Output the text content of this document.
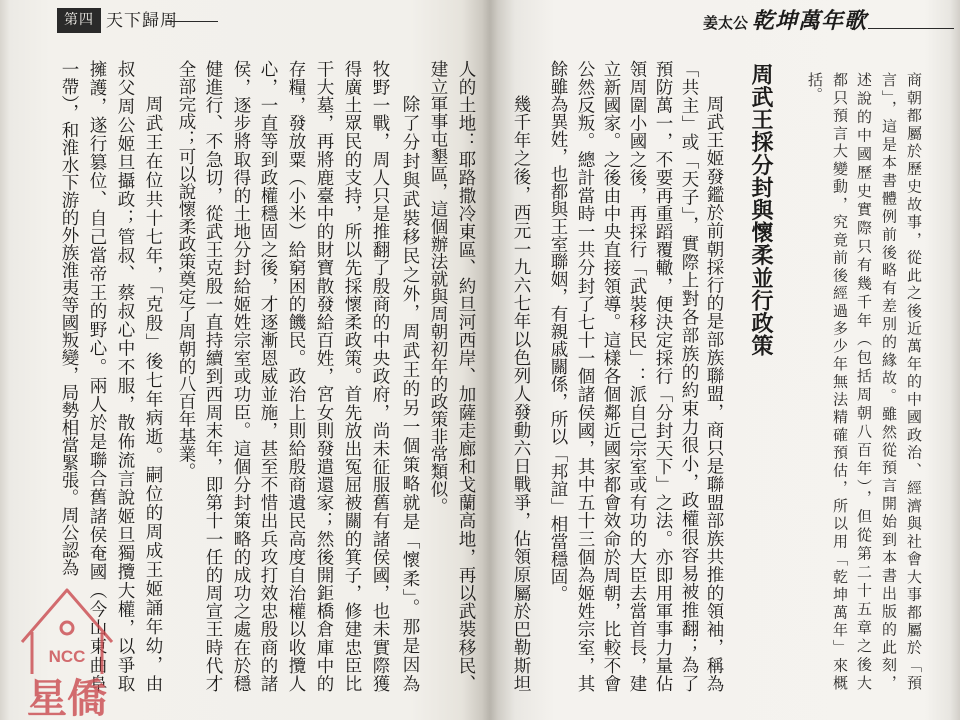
第四章
天下歸周
人的土地：耶路撒冷東區、約旦河西岸、加薩走廊和戈蘭高地，再以武裝移民、
建立軍事屯墾區，這個辦法就與周朝初年的政策非常類似。
除了分封與武裝移民之外，周武王的另一個策略就是「懷柔」。那是因為
牧野一戰，周人只是推翻了殷商的中央政府，尚未征服舊有諸侯國，也未實際獲
得廣土眾民的支持，所以先採懷柔政策。首先放出冤屈被關的箕子，修建忠臣比
干大墓，再將鹿臺中的財寶散發給百姓，宮女則發遣還家；然後開鉅橋倉庫中的
存糧，發放粟（小米）給窮困的饑民。政治上則給殷商遺民高度自治權以收攬人
心，一直等到政權穩固之後，才逐漸恩威並施，甚至不惜出兵攻打效忠殷商的諸
侯，逐步將取得的土地分封給姬姓宗室或功臣。這個分封策略的成功之處在於穩
健進行、不急切，從武王克殷一直持續到西周末年，即第十一任的周宣王時代才
全部完成；可以說懷柔政策奠定了周朝的八百年基業。
周武王在位共十七年，「克殷」後七年病逝。嗣位的周成王姬誦年幼，由
叔父周公姬旦攝政；管叔、蔡叔心中不服，散佈流言說姬旦獨攬大權，以爭取
擁護，遂行篡位、自己當帝王的野心。兩人於是聯合舊諸侯奄國（今山東曲阜
一帶），和淮水下游的外族淮夷等國叛變，局勢相當緊張。周公認為
姜太公 乾坤萬年歌
商朝都屬於歷史故事，從此之後近萬年的中國政治、經濟與社會大事都屬於「預
言」，這是本書體例前後略有差別的緣故。雖然從預言開始到本書出版的此刻，
述說的中國歷史實際只有幾千年（包括周朝八百年），但從第二十五章之後大
都只預言大變動，究竟前後經過多少年無法精確預估，所以用「乾坤萬年」來概
括。
周武王採分封與懷柔並行政策
周武王姬發鑑於前朝採行的是部族聯盟，商只是聯盟部族共推的領袖，稱為
「共主」或「天子」，實際上對各部族的約束力很小，政權很容易被推翻；為了
預防萬一，不要再重蹈覆轍，便決定採行「分封天下」之法。亦即用軍事力量佔
領周圍小國之後，再採行「武裝移民」：派自己宗室或有功的大臣去當首長，建
立新國家。之後由中央直接領導。這樣各個鄰近國家都會效命於周朝，比較不會
公然反叛。總計當時一共分封了七十一個諸侯國，其中五十三個為姬姓宗室，其
餘雖為異姓，也都與王室聯姻，有親戚關係，所以「邦誼」相當穩固。
幾千年之後，西元一九六七年以色列人發動六日戰爭，佔領原屬於巴勒斯坦
NCC
星僑
